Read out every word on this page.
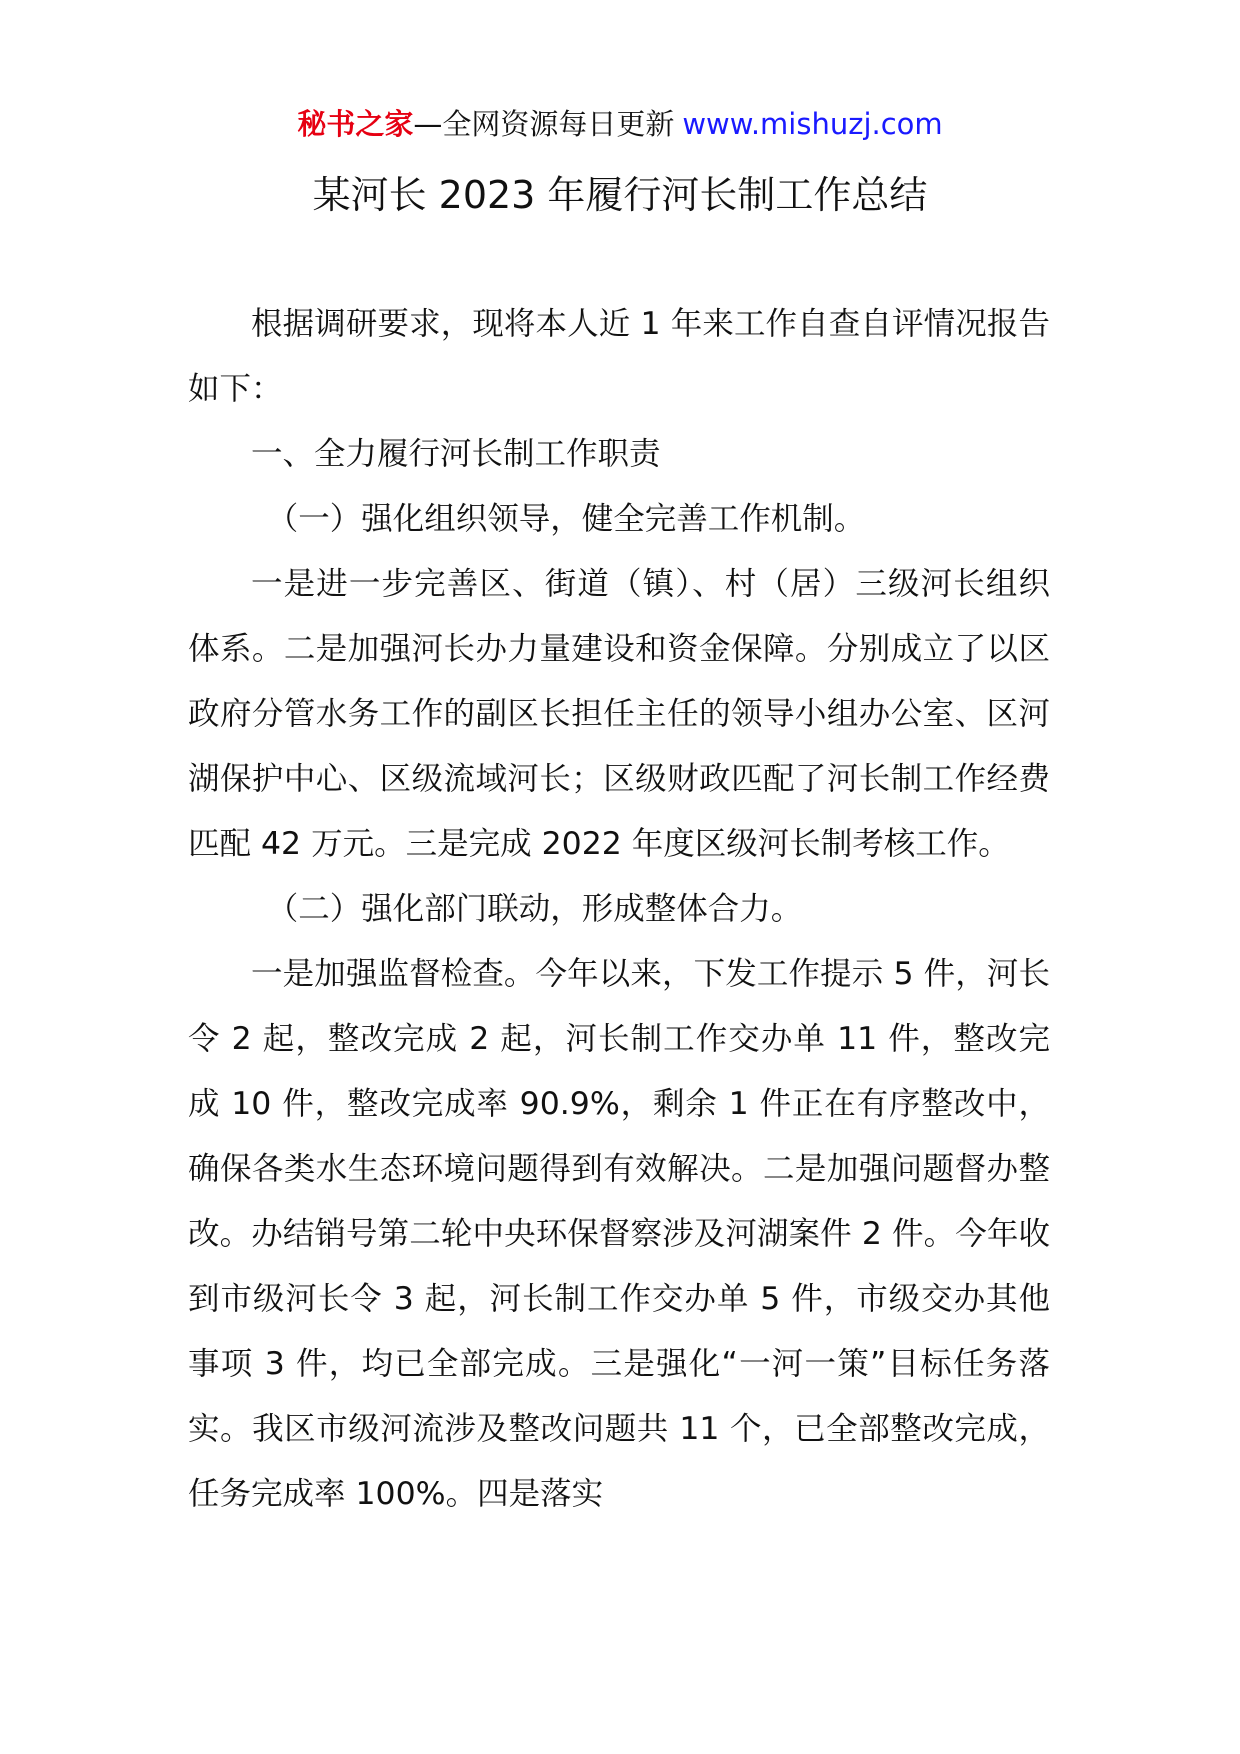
秘书之家—全网资源每日更新 www.mishuzj.com
某河长 2023 年履行河长制工作总结

根据调研要求，现将本人近 1 年来工作自查自评情况报告如下：

一、全力履行河长制工作职责

（一）强化组织领导，健全完善工作机制。

一是进一步完善区、街道（镇）、村（居）三级河长组织体系。二是加强河长办力量建设和资金保障。分别成立了以区政府分管水务工作的副区长担任主任的领导小组办公室、区河湖保护中心、区级流域河长；区级财政匹配了河长制工作经费匹配 42 万元。三是完成 2022 年度区级河长制考核工作。

（二）强化部门联动，形成整体合力。

一是加强监督检查。今年以来，下发工作提示 5 件，河长令 2 起，整改完成 2 起，河长制工作交办单 11 件，整改完成 10 件，整改完成率 90.9%，剩余 1 件正在有序整改中，确保各类水生态环境问题得到有效解决。二是加强问题督办整改。办结销号第二轮中央环保督察涉及河湖案件 2 件。今年收到市级河长令 3 起，河长制工作交办单 5 件，市级交办其他事项 3 件，均已全部完成。三是强化“一河一策”目标任务落实。我区市级河流涉及整改问题共 11 个，已全部整改完成，任务完成率 100%。四是落实
